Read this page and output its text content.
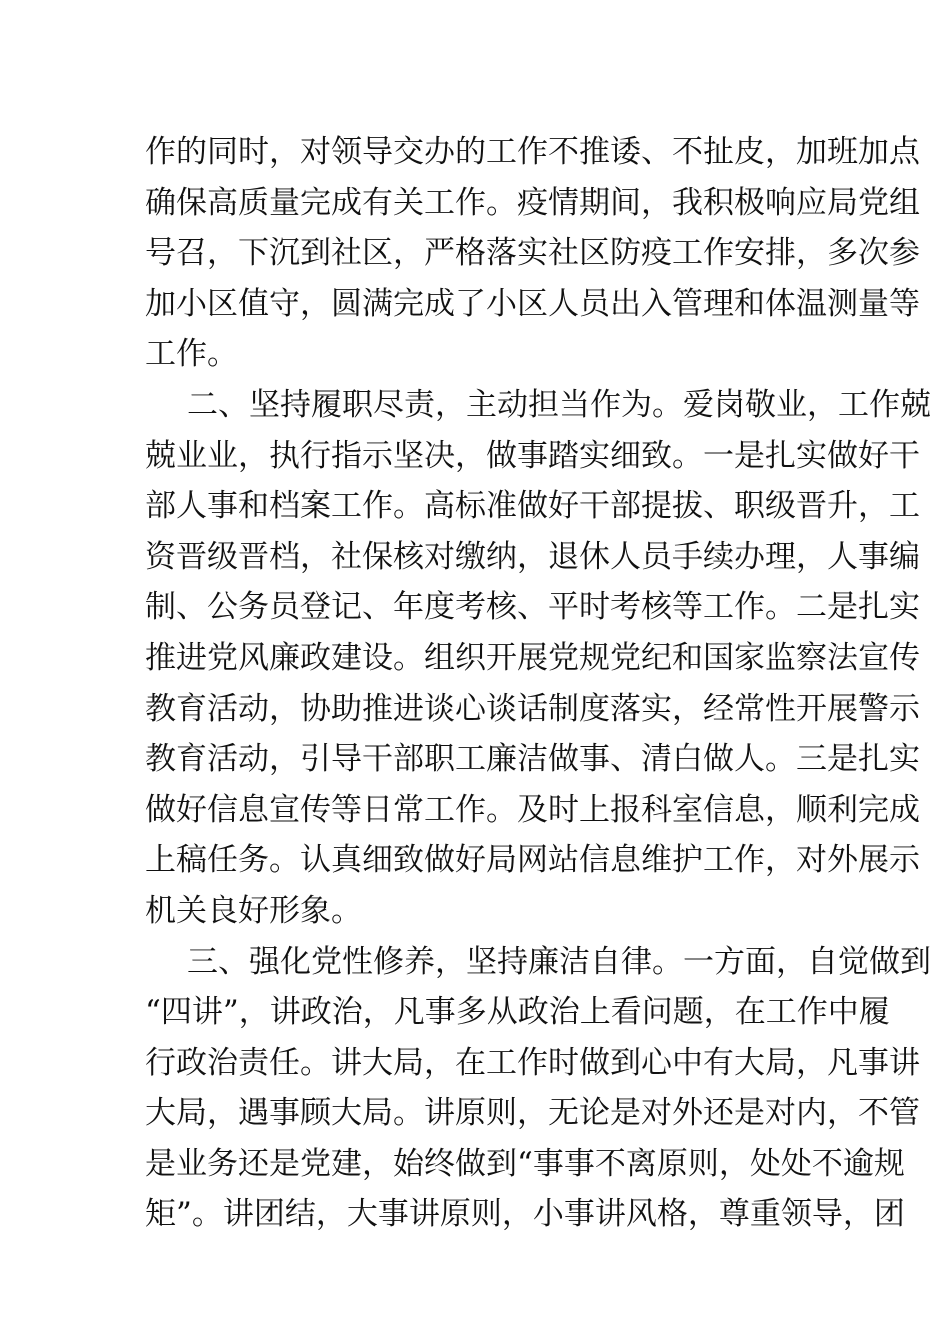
作的同时，对领导交办的工作不推诿、不扯皮，加班加点
确保高质量完成有关工作。疫情期间，我积极响应局党组
号召，下沉到社区，严格落实社区防疫工作安排，多次参
加小区值守，圆满完成了小区人员出入管理和体温测量等
工作。
二、坚持履职尽责，主动担当作为。爱岗敬业，工作兢
兢业业，执行指示坚决，做事踏实细致。一是扎实做好干
部人事和档案工作。高标准做好干部提拔、职级晋升，工
资晋级晋档，社保核对缴纳，退休人员手续办理，人事编
制、公务员登记、年度考核、平时考核等工作。二是扎实
推进党风廉政建设。组织开展党规党纪和国家监察法宣传
教育活动，协助推进谈心谈话制度落实，经常性开展警示
教育活动，引导干部职工廉洁做事、清白做人。三是扎实
做好信息宣传等日常工作。及时上报科室信息，顺利完成
上稿任务。认真细致做好局网站信息维护工作，对外展示
机关良好形象。
三、强化党性修养，坚持廉洁自律。一方面，自觉做到
“四讲”，讲政治，凡事多从政治上看问题，在工作中履
行政治责任。讲大局，在工作时做到心中有大局，凡事讲
大局，遇事顾大局。讲原则，无论是对外还是对内，不管
是业务还是党建，始终做到“事事不离原则，处处不逾规
矩”。讲团结，大事讲原则，小事讲风格，尊重领导，团
